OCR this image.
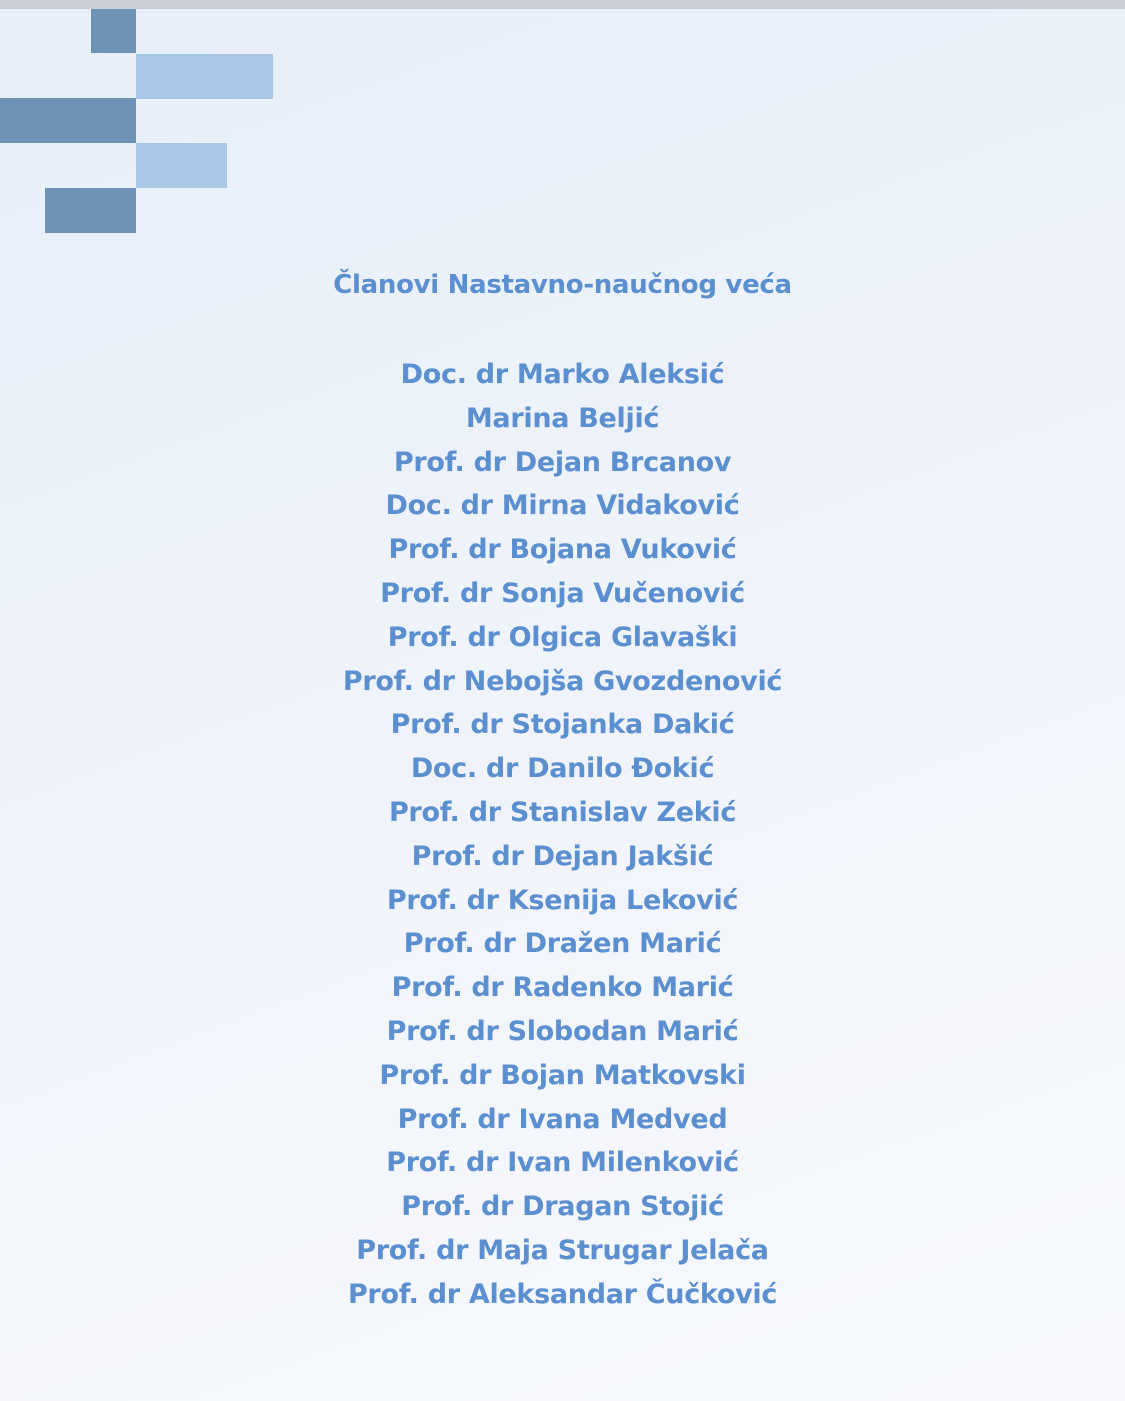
Članovi Nastavno-naučnog veća
Doc. dr Marko Aleksić
Marina Beljić
Prof. dr Dejan Brcanov
Doc. dr Mirna Vidaković
Prof. dr Bojana Vuković
Prof. dr Sonja Vučenović
Prof. dr Olgica Glavaški
Prof. dr Nebojša Gvozdenović
Prof. dr Stojanka Dakić
Doc. dr Danilo Đokić
Prof. dr Stanislav Zekić
Prof. dr Dejan Jakšić
Prof. dr Ksenija Leković
Prof. dr Dražen Marić
Prof. dr Radenko Marić
Prof. dr Slobodan Marić
Prof. dr Bojan Matkovski
Prof. dr Ivana Medved
Prof. dr Ivan Milenković
Prof. dr Dragan Stojić
Prof. dr Maja Strugar Jelača
Prof. dr Aleksandar Čučković
